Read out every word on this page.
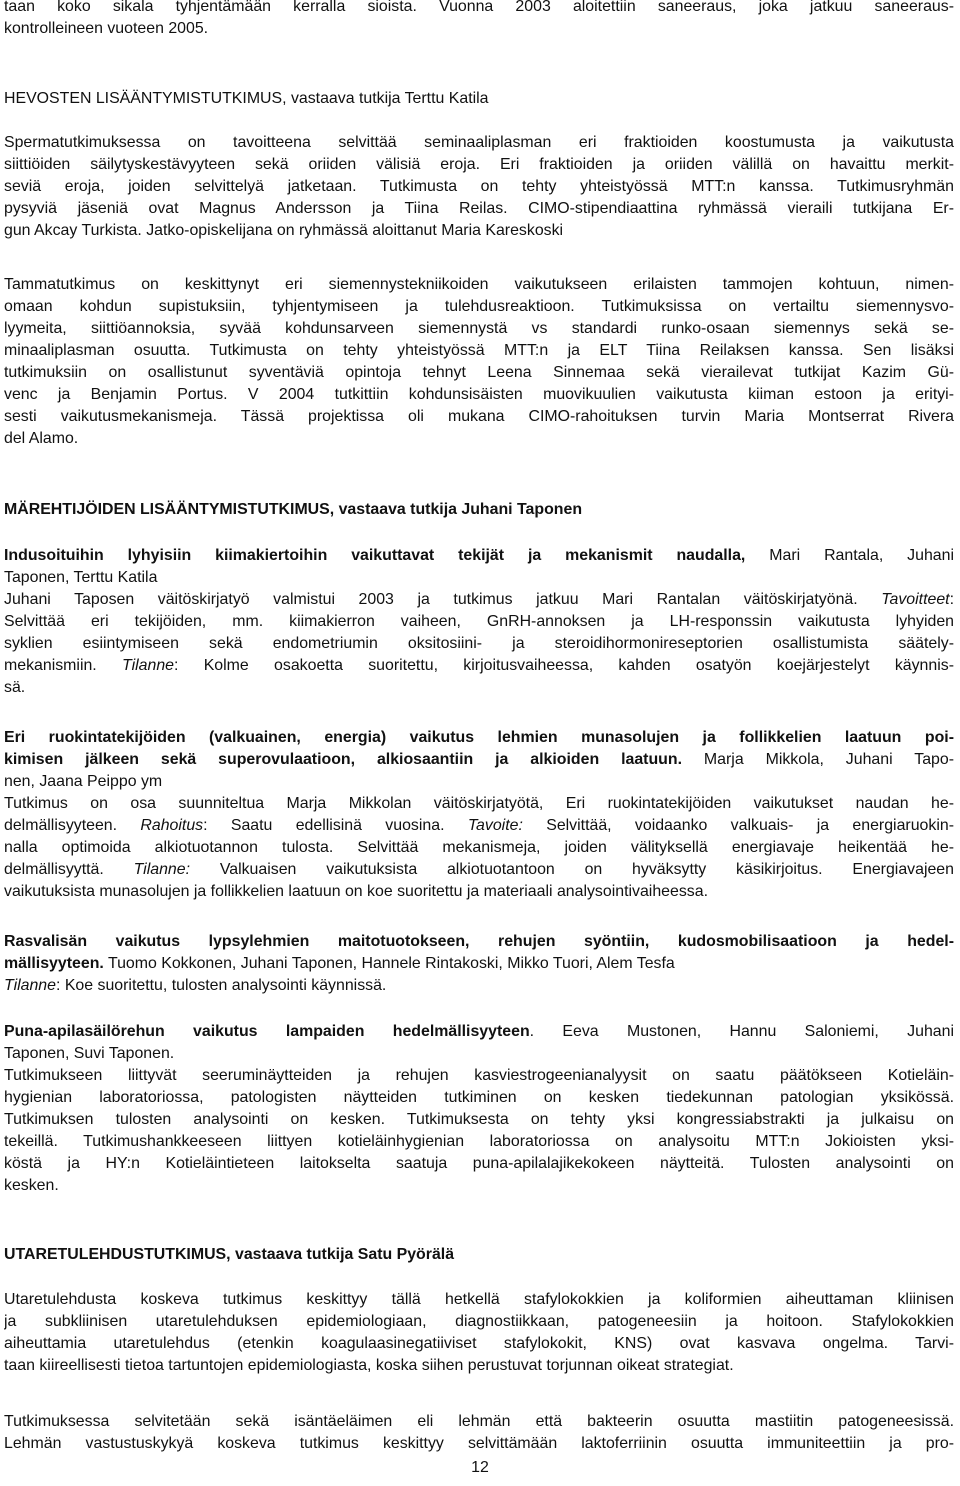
taan koko sikala tyhjentämään kerralla sioista. Vuonna 2003 aloitettiin saneeraus, joka jatkuu saneeraus-
kontrolleineen vuoteen 2005.
HEVOSTEN LISÄÄNTYMISTUTKIMUS, vastaava tutkija Terttu Katila
Spermatutkimuksessa on tavoitteena selvittää seminaaliplasman eri fraktioiden koostumusta ja vaikutusta
siittiöiden säilytyskestävyyteen sekä oriiden välisiä eroja. Eri fraktioiden ja oriiden välillä on havaittu merkit-
seviä eroja, joiden selvittelyä jatketaan. Tutkimusta on tehty yhteistyössä MTT:n kanssa. Tutkimusryhmän
pysyviä jäseniä ovat Magnus Andersson ja Tiina Reilas. CIMO-stipendiaattina ryhmässä vieraili tutkijana Er-
gun Akcay Turkista. Jatko-opiskelijana on ryhmässä aloittanut Maria Kareskoski
Tammatutkimus on keskittynyt eri siemennystekniikoiden vaikutukseen erilaisten tammojen kohtuun, nimen-
omaan kohdun supistuksiin, tyhjentymiseen ja tulehdusreaktioon. Tutkimuksissa on vertailtu siemennysvo-
lyymeita, siittiöannoksia, syvää kohdunsarveen siemennystä vs standardi runko-osaan siemennys sekä se-
minaaliplasman osuutta. Tutkimusta on tehty yhteistyössä MTT:n ja ELT Tiina Reilaksen kanssa. Sen lisäksi
tutkimuksiin on osallistunut syventäviä opintoja tehnyt Leena Sinnemaa sekä vierailevat tutkijat Kazim Gü-
venc ja Benjamin Portus. V 2004 tutkittiin kohdunsisäisten muovikuulien vaikutusta kiiman estoon ja erityi-
sesti vaikutusmekanismeja. Tässä projektissa oli mukana CIMO-rahoituksen turvin Maria Montserrat Rivera
del Alamo.
MÄREHTIJÖIDEN LISÄÄNTYMISTUTKIMUS, vastaava tutkija Juhani Taponen
Indusoituihin lyhyisiin kiimakiertoihin vaikuttavat tekijät ja mekanismit naudalla, Mari Rantala, Juhani
Taponen, Terttu Katila
Juhani Taposen väitöskirjatyö valmistui 2003 ja tutkimus jatkuu Mari Rantalan väitöskirjatyönä. Tavoitteet:
Selvittää eri tekijöiden, mm. kiimakierron vaiheen, GnRH-annoksen ja LH-responssin vaikutusta lyhyiden
syklien esiintymiseen sekä endometriumin oksitosiini- ja steroidihormonireseptorien osallistumista säätely-
mekanismiin. Tilanne: Kolme osakoetta suoritettu, kirjoitusvaiheessa, kahden osatyön koejärjestelyt käynnis-
sä.
Eri ruokintatekijöiden (valkuainen, energia) vaikutus lehmien munasolujen ja follikkelien laatuun poi-
kimisen jälkeen sekä superovulaatioon, alkiosaantiin ja alkioiden laatuun. Marja Mikkola, Juhani Tapo-
nen, Jaana Peippo ym
Tutkimus on osa suunniteltua Marja Mikkolan väitöskirjatyötä, Eri ruokintatekijöiden vaikutukset naudan he-
delmällisyyteen. Rahoitus: Saatu edellisinä vuosina. Tavoite: Selvittää, voidaanko valkuais- ja energiaruokin-
nalla optimoida alkiotuotannon tulosta. Selvittää mekanismeja, joiden välityksellä energiavaje heikentää he-
delmällisyyttä. Tilanne: Valkuaisen vaikutuksista alkiotuotantoon on hyväksytty käsikirjoitus. Energiavajeen
vaikutuksista munasolujen ja follikkelien laatuun on koe suoritettu ja materiaali analysointivaiheessa.
Rasvalisän vaikutus lypsylehmien maitotuotokseen, rehujen syöntiin, kudosmobilisaatioon ja hedel-
mällisyyteen. Tuomo Kokkonen, Juhani Taponen, Hannele Rintakoski, Mikko Tuori, Alem Tesfa
Tilanne: Koe suoritettu, tulosten analysointi käynnissä.
Puna-apilasäilörehun vaikutus lampaiden hedelmällisyyteen. Eeva Mustonen, Hannu Saloniemi, Juhani
Taponen, Suvi Taponen.
Tutkimukseen liittyvät seeruminäytteiden ja rehujen kasviestrogeenianalyysit on saatu päätökseen Kotieläin-
hygienian laboratoriossa, patologisten näytteiden tutkiminen on kesken tiedekunnan patologian yksikössä.
Tutkimuksen tulosten analysointi on kesken. Tutkimuksesta on tehty yksi kongressiabstrakti ja julkaisu on
tekeillä. Tutkimushankkeeseen liittyen kotieläinhygienian laboratoriossa on analysoitu MTT:n Jokioisten yksi-
köstä ja HY:n Kotieläintieteen laitokselta saatuja puna-apilalajikekokeen näytteitä. Tulosten analysointi on
kesken.
UTARETULEHDUSTUTKIMUS, vastaava tutkija Satu Pyörälä
Utaretulehdusta koskeva tutkimus keskittyy tällä hetkellä stafylokokkien ja koliformien aiheuttaman kliinisen
ja subkliinisen utaretulehduksen epidemiologiaan, diagnostiikkaan, patogeneesiin ja hoitoon. Stafylokokkien
aiheuttamia utaretulehdus (etenkin koagulaasinegatiiviset stafylokokit, KNS) ovat kasvava ongelma. Tarvi-
taan kiireellisesti tietoa tartuntojen epidemiologiasta, koska siihen perustuvat torjunnan oikeat strategiat.
Tutkimuksessa selvitetään sekä isäntäeläimen eli lehmän että bakteerin osuutta mastiitin patogeneesissä.
Lehmän vastustuskykyä koskeva tutkimus keskittyy selvittämään laktoferriinin osuutta immuniteettiin ja pro-
12
